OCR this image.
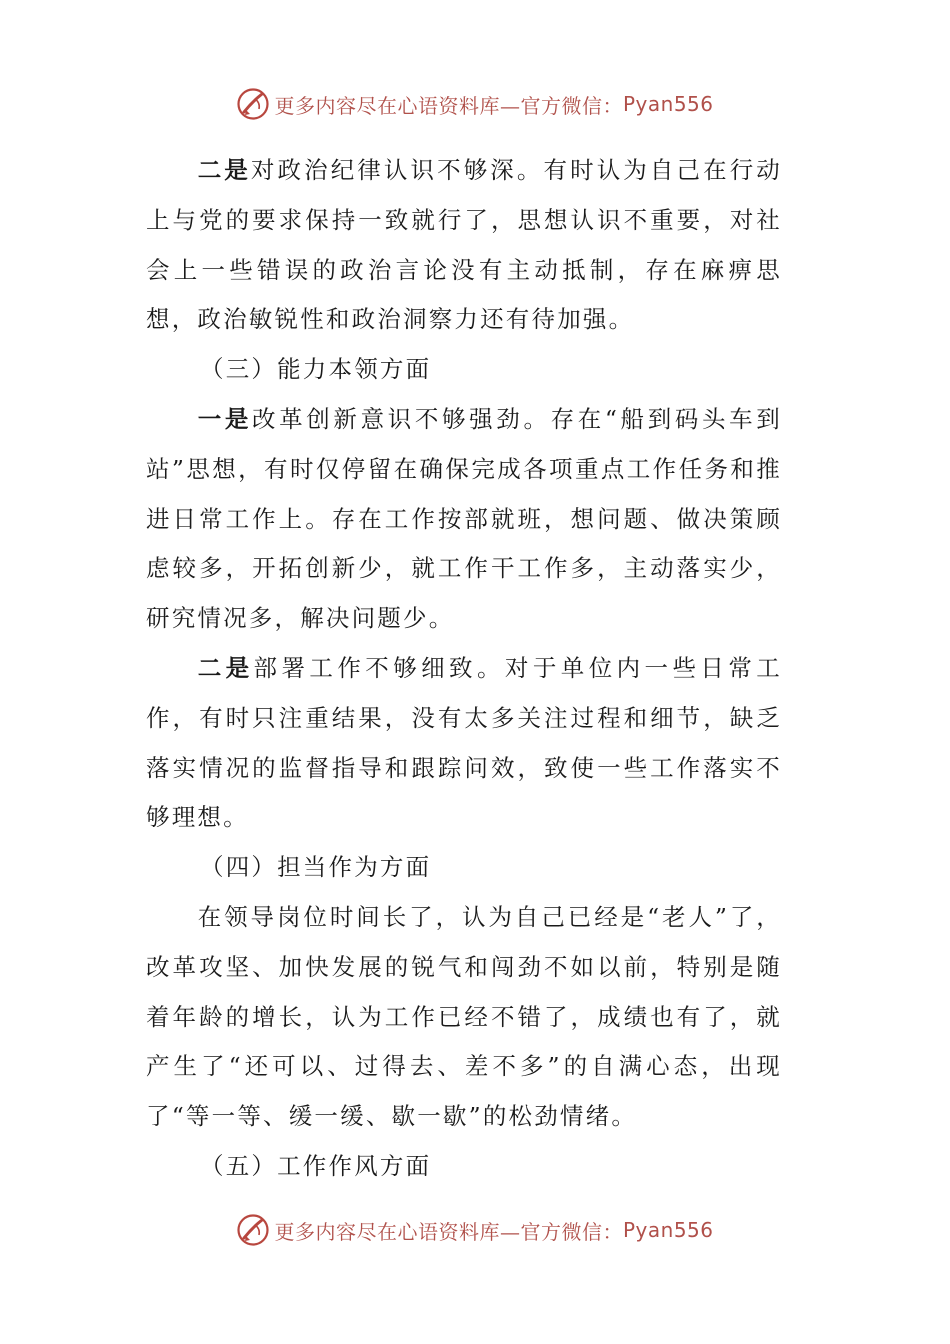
更多内容尽在心语资料库—官方微信： Pyan556

二是对政治纪律认识不够深。有时认为自己在行动上与党的要求保持一致就行了，思想认识不重要，对社会上一些错误的政治言论没有主动抵制，存在麻痹思想，政治敏锐性和政治洞察力还有待加强。

（三）能力本领方面

一是改革创新意识不够强劲。存在“船到码头车到站”思想，有时仅停留在确保完成各项重点工作任务和推进日常工作上。存在工作按部就班，想问题、做决策顾虑较多，开拓创新少，就工作干工作多，主动落实少，研究情况多，解决问题少。

二是部署工作不够细致。对于单位内一些日常工作，有时只注重结果，没有太多关注过程和细节，缺乏落实情况的监督指导和跟踪问效，致使一些工作落实不够理想。

（四）担当作为方面

在领导岗位时间长了，认为自己已经是“老人”了，改革攻坚、加快发展的锐气和闯劲不如以前，特别是随着年龄的增长，认为工作已经不错了，成绩也有了，就产生了“还可以、过得去、差不多”的自满心态，出现了“等一等、缓一缓、歇一歇”的松劲情绪。

（五）工作作风方面

更多内容尽在心语资料库—官方微信： Pyan556
